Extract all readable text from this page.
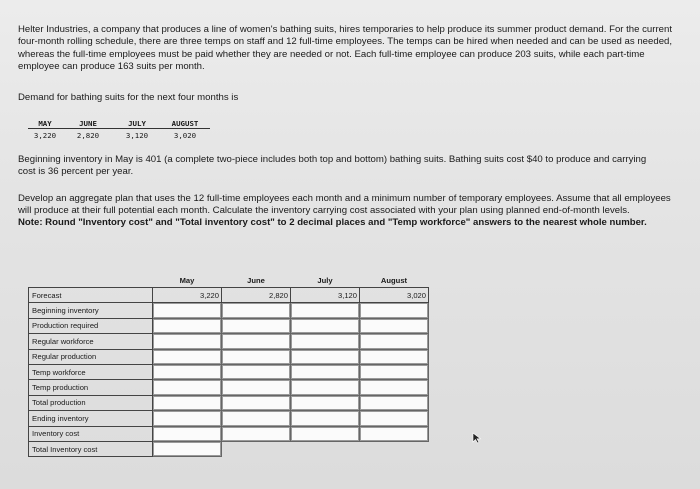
Helter Industries, a company that produces a line of women's bathing suits, hires temporaries to help produce its summer product demand. For the current four-month rolling schedule, there are three temps on staff and 12 full-time employees. The temps can be hired when needed and can be used as needed, whereas the full-time employees must be paid whether they are needed or not. Each full-time employee can produce 203 suits, while each part-time employee can produce 163 suits per month.

Demand for bathing suits for the next four months is

MAY	JUNE	JULY	AUGUST
3,220	2,820	3,120	3,020

Beginning inventory in May is 401 (a complete two-piece includes both top and bottom) bathing suits. Bathing suits cost $40 to produce and carrying cost is 36 percent per year.

Develop an aggregate plan that uses the 12 full-time employees each month and a minimum number of temporary employees. Assume that all employees will produce at their full potential each month. Calculate the inventory carrying cost associated with your plan using planned end-of-month levels.

Note: Round "Inventory cost" and "Total inventory cost" to 2 decimal places and "Temp workforce" answers to the nearest whole number.

	May	June	July	August
Forecast	3,220	2,820	3,120	3,020
Beginning inventory				
Production required				
Regular workforce				
Regular production				
Temp workforce				
Temp production				
Total production				
Ending inventory				
Inventory cost				
Total Inventory cost				
